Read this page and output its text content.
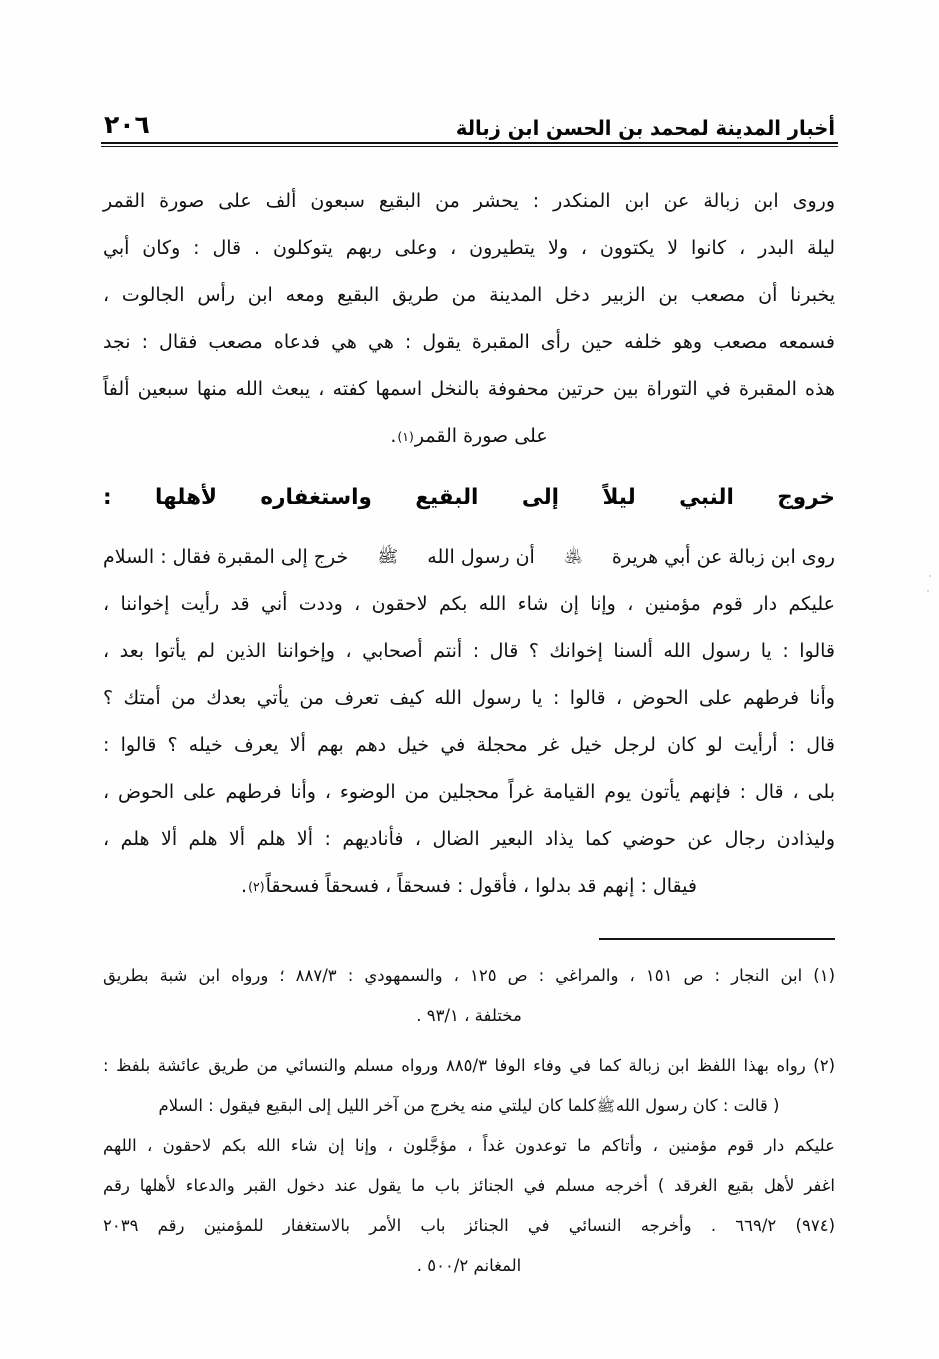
أخبار المدينة لمحمد بن الحسن ابن زبالة
٢٠٦
وروى ابن زبالة عن ابن المنكدر : يحشر من البقيع سبعون ألف على صورة القمر
ليلة البدر ، كانوا لا يكتوون ، ولا يتطيرون ، وعلى ربهم يتوكلون . قال : وكان أبي
يخبرنا أن مصعب بن الزبير دخل المدينة من طريق البقيع ومعه ابن رأس الجالوت ،
فسمعه مصعب وهو خلفه حين رأى المقبرة يقول : هي هي فدعاه مصعب فقال : نجد
هذه المقبرة في التوراة بين حرتين محفوفة بالنخل اسمها كفته ، يبعث الله منها سبعين ألفاً
على صورة القمر
(١)
.
خروج النبي ليلاً إلى البقيع واستغفاره لأهلها :
روى ابن زبالة عن أبي هريرة
﵁
أن رسول الله
ﷺ
خرج إلى المقبرة فقال : السلام
عليكم دار قوم مؤمنين ، وإنا إن شاء الله بكم لاحقون ، وددت أني قد رأيت إخواننا ،
قالوا : يا رسول الله ألسنا إخوانك ؟ قال : أنتم أصحابي ، وإخواننا الذين لم يأتوا بعد ،
وأنا فرطهم على الحوض ، قالوا : يا رسول الله كيف تعرف من يأتي بعدك من أمتك ؟
قال : أرأيت لو كان لرجل خيل غر محجلة في خيل دهم بهم ألا يعرف خيله ؟ قالوا :
بلى ، قال : فإنهم يأتون يوم القيامة غراً محجلين من الوضوء ، وأنا فرطهم على الحوض ،
وليذادن رجال عن حوضي كما يذاد البعير الضال ، فأناديهم : ألا هلم ألا هلم ألا هلم ،
فيقال : إنهم قد بدلوا ، فأقول : فسحقاً ، فسحقاً فسحقاً
(٢)
.
(١) ابن النجار : ص ١٥١ ، والمراغي : ص ١٢٥ ، والسمهودي : ٨٨٧/٣ ؛ ورواه ابن شبة بطريق
مختلفة ، ٩٣/١ .
(٢) رواه بهذا اللفظ ابن زبالة كما في وفاء الوفا ٨٨٥/٣ ورواه مسلم والنسائي من طريق عائشة بلفظ :
( قالت : كان رسول الله
ﷺ
كلما كان ليلتي منه يخرج من آخر الليل إلى البقيع فيقول : السلام
عليكم دار قوم مؤمنين ، وأتاكم ما توعدون غداً ، مؤجَّلون ، وإنا إن شاء الله بكم لاحقون ، اللهم
اغفر لأهل بقيع الغرقد ) أخرجه مسلم في الجنائز باب ما يقول عند دخول القبر والدعاء لأهلها رقم
(٩٧٤) ٦٦٩/٢ . وأخرجه النسائي في الجنائز باب الأمر بالاستغفار للمؤمنين رقم ٢٠٣٩
المغانم ٥٠٠/٢ .
